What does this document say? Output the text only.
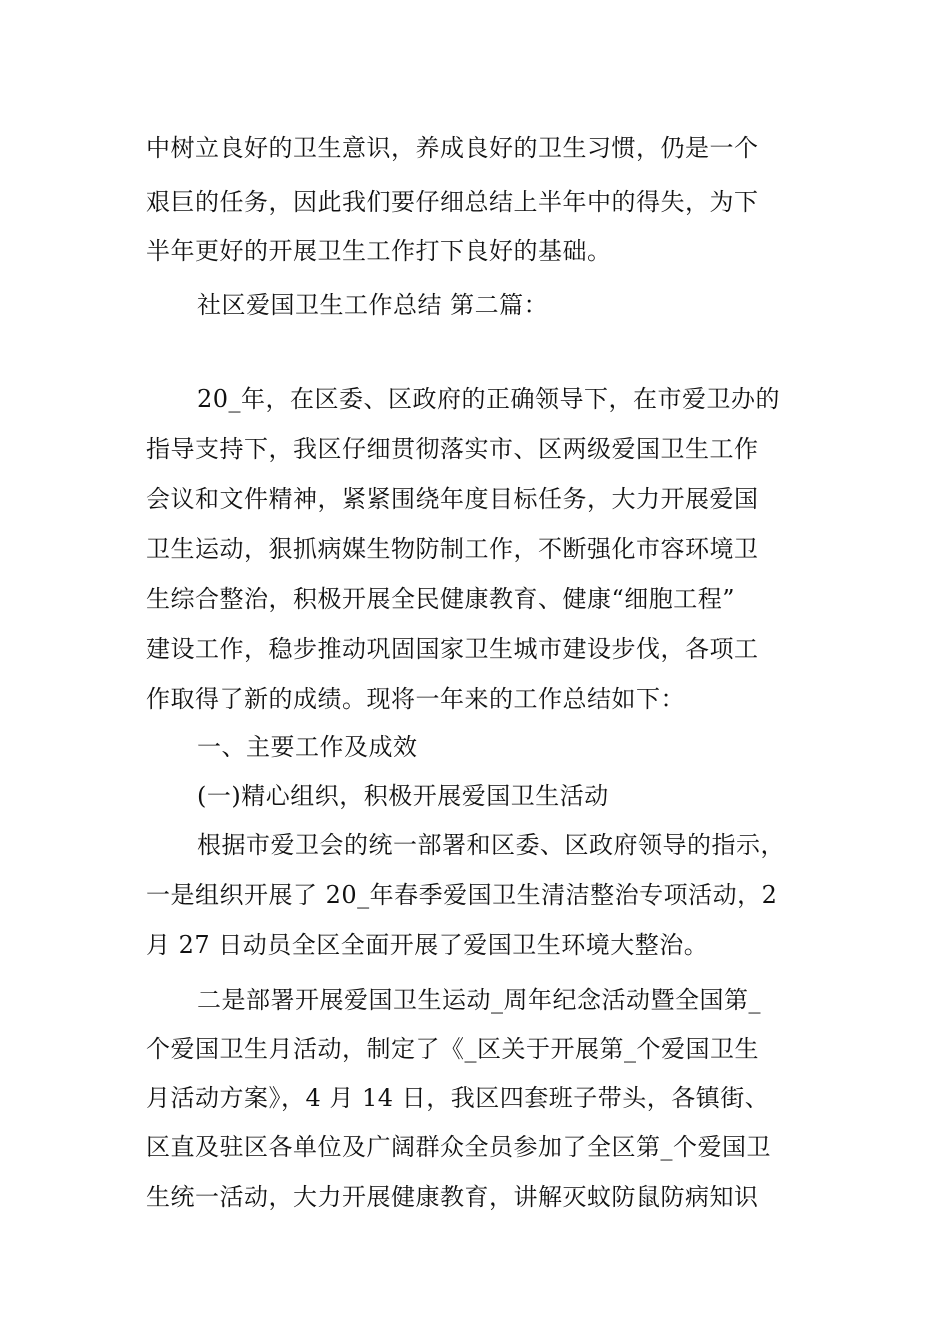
中树立良好的卫生意识，养成良好的卫生习惯，仍是一个
艰巨的任务，因此我们要仔细总结上半年中的得失，为下
半年更好的开展卫生工作打下良好的基础。
社区爱国卫生工作总结 第二篇：
20_年，在区委、区政府的正确领导下，在市爱卫办的
指导支持下，我区仔细贯彻落实市、区两级爱国卫生工作
会议和文件精神，紧紧围绕年度目标任务，大力开展爱国
卫生运动，狠抓病媒生物防制工作，不断强化市容环境卫
生综合整治，积极开展全民健康教育、健康“细胞工程”
建设工作，稳步推动巩固国家卫生城市建设步伐，各项工
作取得了新的成绩。现将一年来的工作总结如下：
一、主要工作及成效
(一)精心组织，积极开展爱国卫生活动
根据市爱卫会的统一部署和区委、区政府领导的指示，
一是组织开展了 20_年春季爱国卫生清洁整治专项活动，2
月 27 日动员全区全面开展了爱国卫生环境大整治。
二是部署开展爱国卫生运动_周年纪念活动暨全国第_
个爱国卫生月活动，制定了《_区关于开展第_个爱国卫生
月活动方案》，4 月 14 日，我区四套班子带头，各镇街、
区直及驻区各单位及广阔群众全员参加了全区第_个爱国卫
生统一活动，大力开展健康教育，讲解灭蚊防鼠防病知识
